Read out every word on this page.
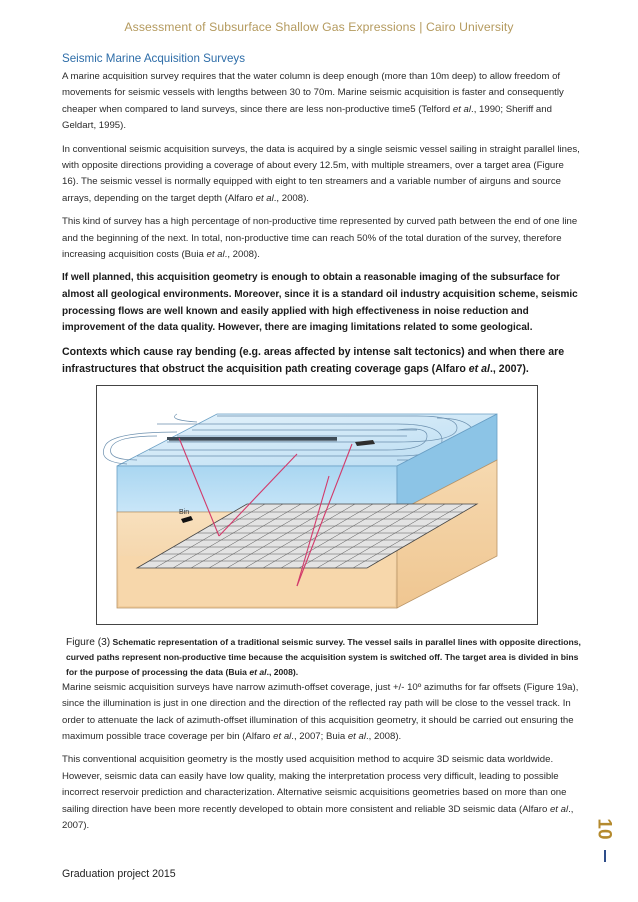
Assessment of Subsurface Shallow Gas Expressions | Cairo University
Seismic Marine Acquisition Surveys

A marine acquisition survey requires that the water column is deep enough (more than 10m deep) to allow freedom of movements for seismic vessels with lengths between 30 to 70m. Marine seismic acquisition is faster and consequently cheaper when compared to land surveys, since there are less non-productive time5 (Telford et al., 1990; Sheriff and Geldart, 1995).

In conventional seismic acquisition surveys, the data is acquired by a single seismic vessel sailing in straight parallel lines, with opposite directions providing a coverage of about every 12.5m, with multiple streamers, over a target area (Figure 16). The seismic vessel is normally equipped with eight to ten streamers and a variable number of airguns and source arrays, depending on the target depth (Alfaro et al., 2008).

This kind of survey has a high percentage of non-productive time represented by curved path between the end of one line and the beginning of the next. In total, non-productive time can reach 50% of the total duration of the survey, therefore increasing acquisition costs (Buia et al., 2008).

If well planned, this acquisition geometry is enough to obtain a reasonable imaging of the subsurface for almost all geological environments. Moreover, since it is a standard oil industry acquisition scheme, seismic processing flows are well known and easily applied with high effectiveness in noise reduction and improvement of the data quality. However, there are imaging limitations related to some geological.

Contexts which cause ray bending (e.g. areas affected by intense salt tectonics) and when there are infrastructures that obstruct the acquisition path creating coverage gaps (Alfaro et al., 2007).

Bin
Figure (3) Schematic representation of a traditional seismic survey. The vessel sails in parallel lines with opposite directions, curved paths represent non-productive time because the acquisition system is switched off. The target area is divided in bins for the purpose of processing the data (Buia et al., 2008).

Marine seismic acquisition surveys have narrow azimuth-offset coverage, just +/- 10º azimuths for far offsets (Figure 19a), since the illumination is just in one direction and the direction of the reflected ray path will be close to the vessel track. In order to attenuate the lack of azimuth-offset illumination of this acquisition geometry, it should be carried out ensuring the maximum possible trace coverage per bin (Alfaro et al., 2007; Buia et al., 2008).

This conventional acquisition geometry is the mostly used acquisition method to acquire 3D seismic data worldwide. However, seismic data can easily have low quality, making the interpretation process very difficult, leading to possible incorrect reservoir prediction and characterization. Alternative seismic acquisitions geometries based on more than one sailing direction have been more recently developed to obtain more consistent and reliable 3D seismic data (Alfaro et al., 2007).	10
Graduation project 2015
